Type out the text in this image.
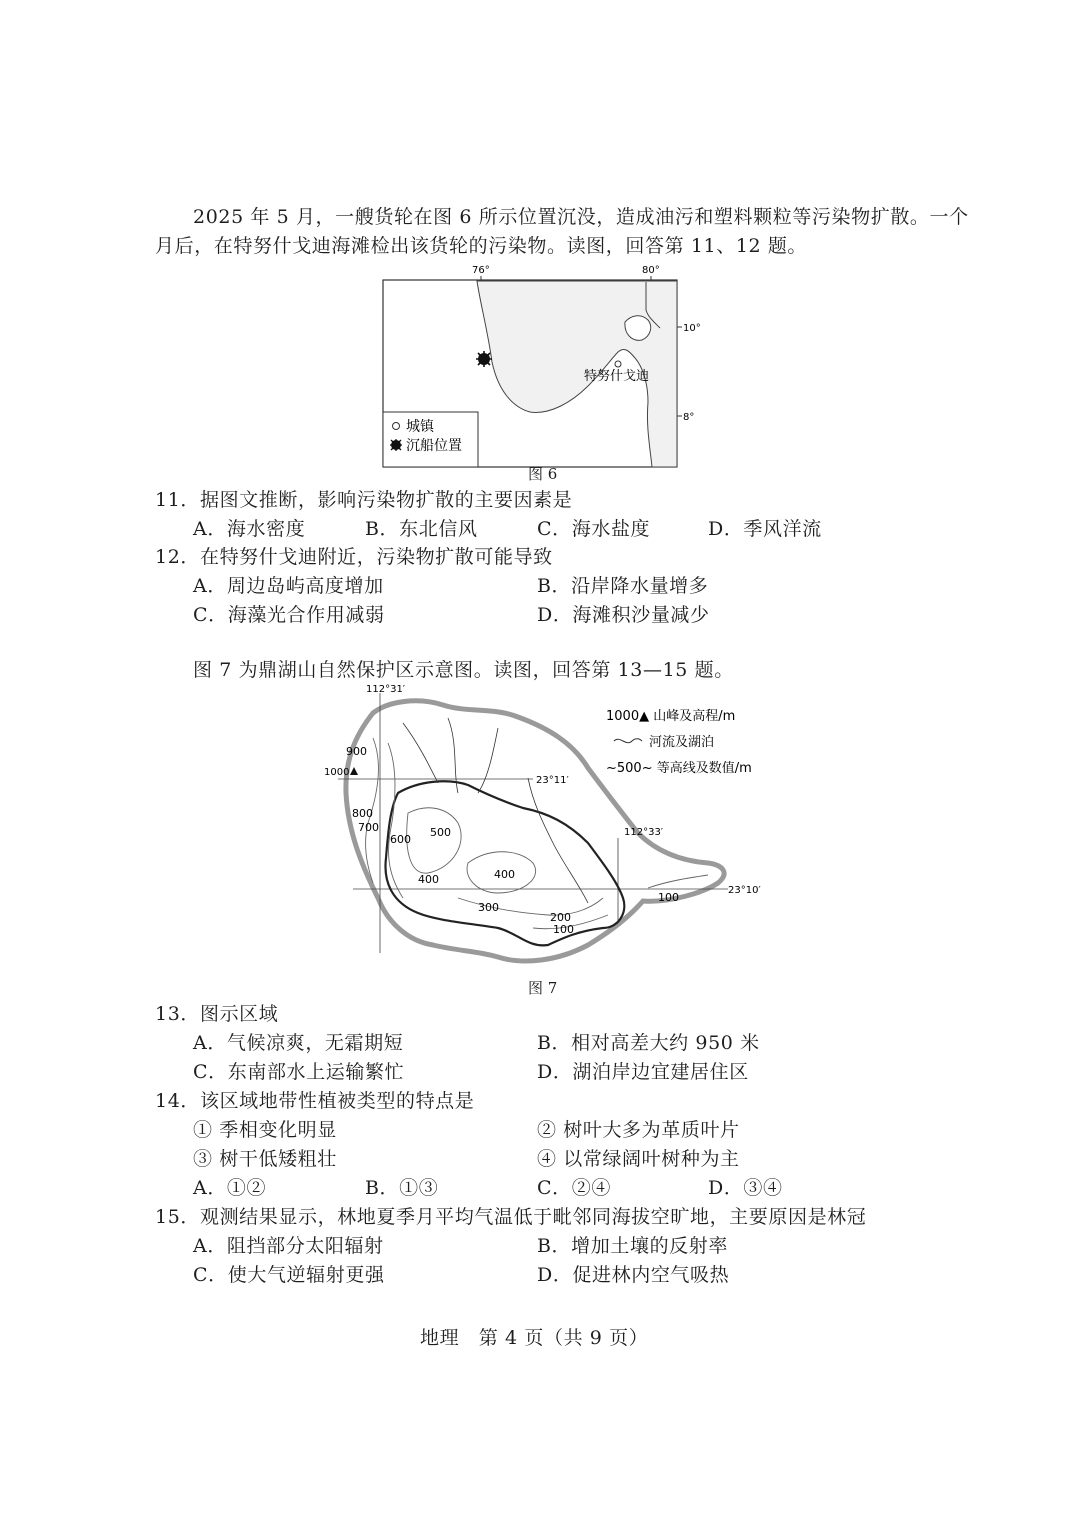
2025 年 5 月，一艘货轮在图 6 所示位置沉没，造成油污和塑料颗粒等污染物扩散。一个
月后，在特努什戈迪海滩检出该货轮的污染物。读图，回答第 11、12 题。
城镇
沉船位置
76°	80°
10°
8°
特努什戈迪
图 6
11．据图文推断，影响污染物扩散的主要因素是
A．海水密度	B．东北信风	C．海水盐度	D．季风洋流
12．在特努什戈迪附近，污染物扩散可能导致
A．周边岛屿高度增加	B．沿岸降水量增多
C．海藻光合作用减弱	D．海滩积沙量减少
图 7 为鼎湖山自然保护区示意图。读图，回答第 13—15 题。
1000
900
800
700
600
500
400	400
300
200
100
100
112°31′
23°11′
112°33′
23°10′
1000▲ 山峰及高程/m
河流及湖泊
~500~ 等高线及数值/m
图 7
13．图示区域
A．气候凉爽，无霜期短	B．相对高差大约 950 米
C．东南部水上运输繁忙	D．湖泊岸边宜建居住区
14．该区域地带性植被类型的特点是
① 季相变化明显	② 树叶大多为革质叶片
③ 树干低矮粗壮	④ 以常绿阔叶树种为主
A．①②	B．①③	C．②④	D．③④
15．观测结果显示，林地夏季月平均气温低于毗邻同海拔空旷地，主要原因是林冠
A．阻挡部分太阳辐射	B．增加土壤的反射率
C．使大气逆辐射更强	D．促进林内空气吸热
地理　第 4 页（共 9 页）
